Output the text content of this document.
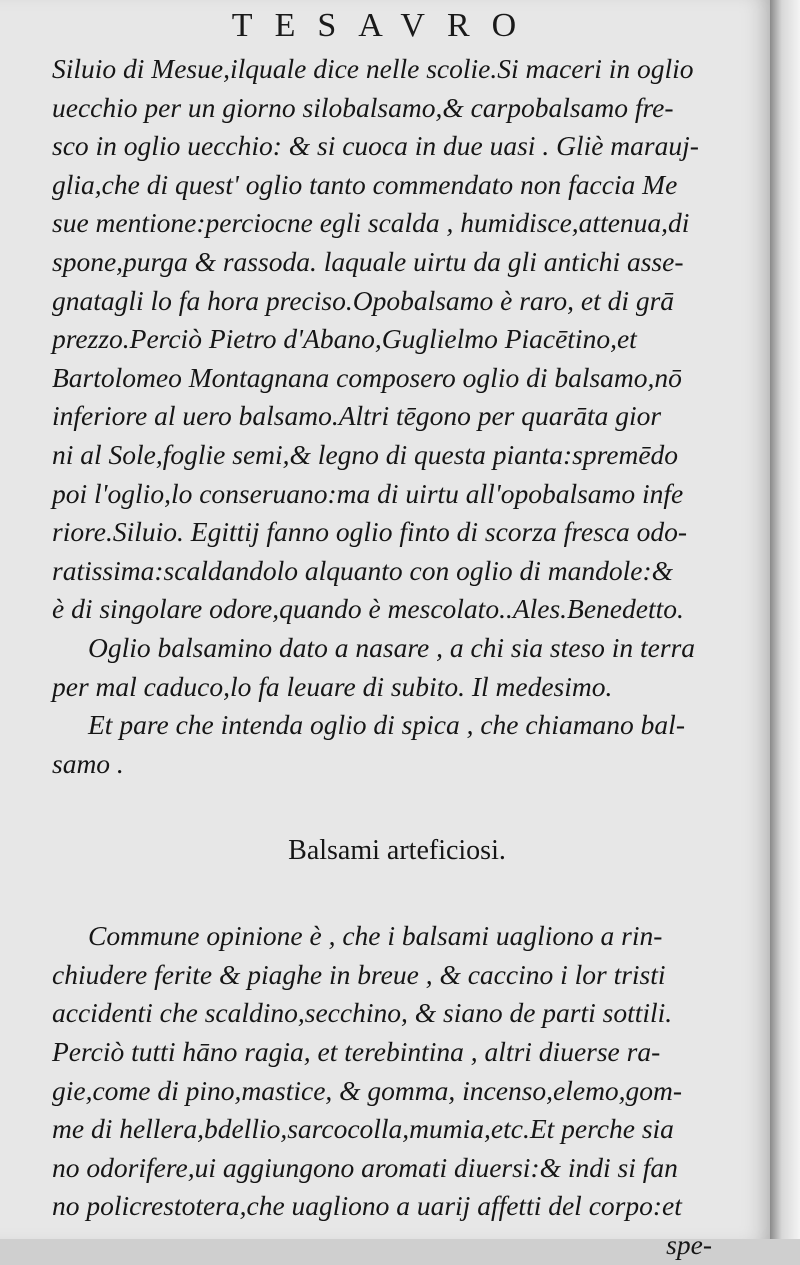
TESAVRO
Siluio di Mesue,ilquale dice nelle scolie.Si maceri in oglio
uecchio per un giorno silobalsamo,& carpobalsamo fre-
sco in oglio uecchio: & si cuoca in due uasi . Gliè marauj-
glia,che di quest' oglio tanto commendato non faccia Me
sue mentione:perciocne egli scalda , humidisce,attenua,di
spone,purga & rassoda. laquale uirtu da gli antichi asse-
gnatagli lo fa hora preciso.Opobalsamo è raro, et di grā
prezzo.Perciò Pietro d'Abano,Guglielmo Piacētino,et
Bartolomeo Montagnana composero oglio di balsamo,nō
inferiore al uero balsamo.Altri tēgono per quarāta gior
ni al Sole,foglie semi,& legno di questa pianta:spremēdo
poi l'oglio,lo conseruano:ma di uirtu all'opobalsamo infe
riore.Siluio. Egittij fanno oglio finto di scorza fresca odo-
ratissima:scaldandolo alquanto con oglio di mandole:&
è di singolare odore,quando è mescolato..Ales.Benedetto.
Oglio balsamino dato a nasare , a chi sia steso in terra
per mal caduco,lo fa leuare di subito. Il medesimo.
Et pare che intenda oglio di spica , che chiamano bal-
samo .
Balsami arteficiosi.
Commune opinione è , che i balsami uagliono a rin-
chiudere ferite & piaghe in breue , & caccino i lor tristi
accidenti che scaldino,secchino, & siano de parti sottili.
Perciò tutti hāno ragia, et terebintina , altri diuerse ra-
gie,come di pino,mastice, & gomma, incenso,elemo,gom-
me di hellera,bdellio,sarcocolla,mumia,etc.Et perche sia
no odorifere,ui aggiungono aromati diuersi:& indi si fan
no policrestotera,che uagliono a uarij affetti del corpo:et
spe-
